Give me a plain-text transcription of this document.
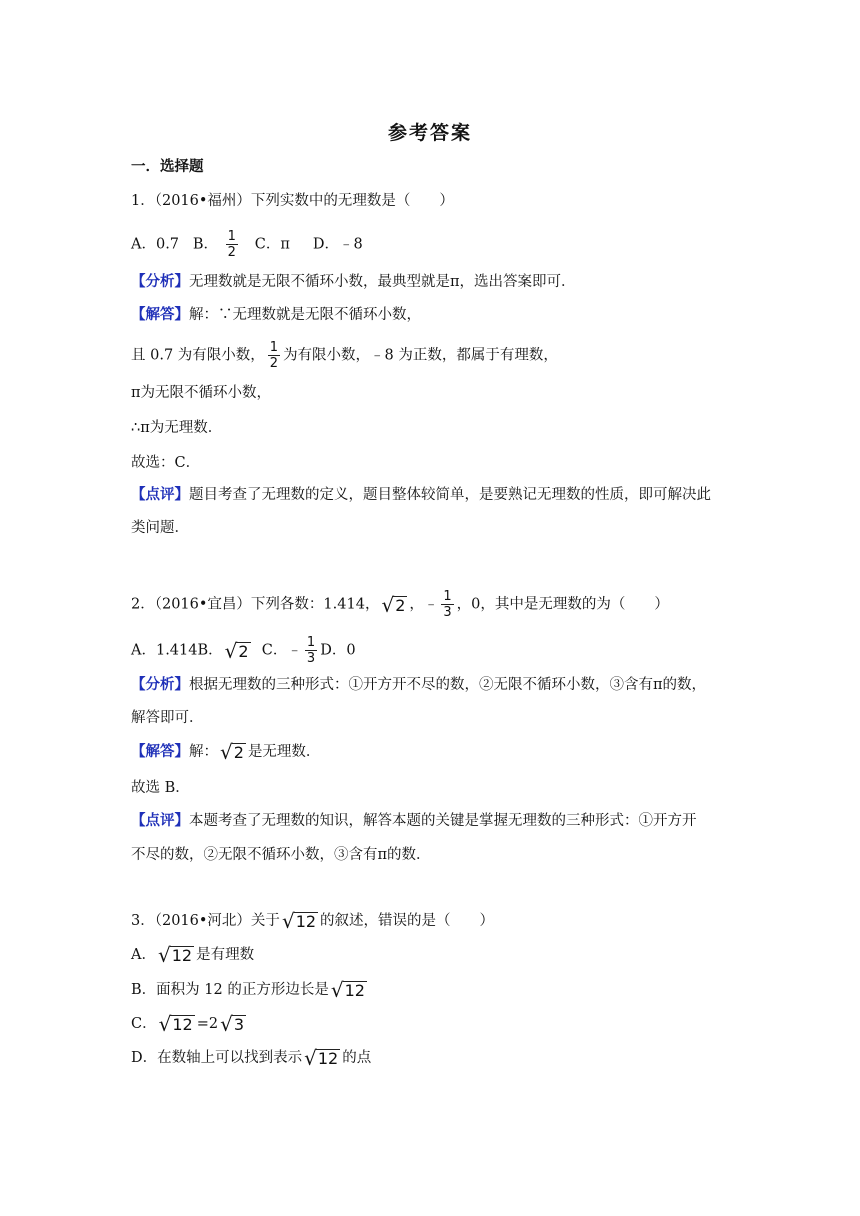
参考答案
一．选择题
1．（2016•福州）下列实数中的无理数是（　　）
A．0.7 B． $\frac{1}{2}$ C．π D．﹣8
【分析】无理数就是无限不循环小数，最典型就是π，选出答案即可．
【解答】解：∵无理数就是无限不循环小数，
且 0.7 为有限小数， $\frac{1}{2}$ 为有限小数，﹣8 为正数，都属于有理数，
π为无限不循环小数，
∴π为无理数．
故选：C．
【点评】题目考查了无理数的定义，题目整体较简单，是要熟记无理数的性质，即可解决此
类问题．
2．（2016•宜昌）下列各数：1.414， √ 2 ，﹣ $\frac{1}{3}$ ，0，其中是无理数的为（　　）
A．1.414B． √ 2 C．﹣ $\frac{1}{3}$ D．0
【分析】根据无理数的三种形式：①开方开不尽的数，②无限不循环小数，③含有π的数，
解答即可．
【解答】解： √ 2 是无理数．
故选 B．
【点评】本题考查了无理数的知识，解答本题的关键是掌握无理数的三种形式：①开方开
不尽的数，②无限不循环小数，③含有π的数．
3．（2016•河北）关于 √ 12 的叙述，错误的是（　　）
A． √ 12 是有理数
B．面积为 12 的正方形边长是 √ 12
C． √ 12 =2 √ 3
D．在数轴上可以找到表示 √ 12 的点
